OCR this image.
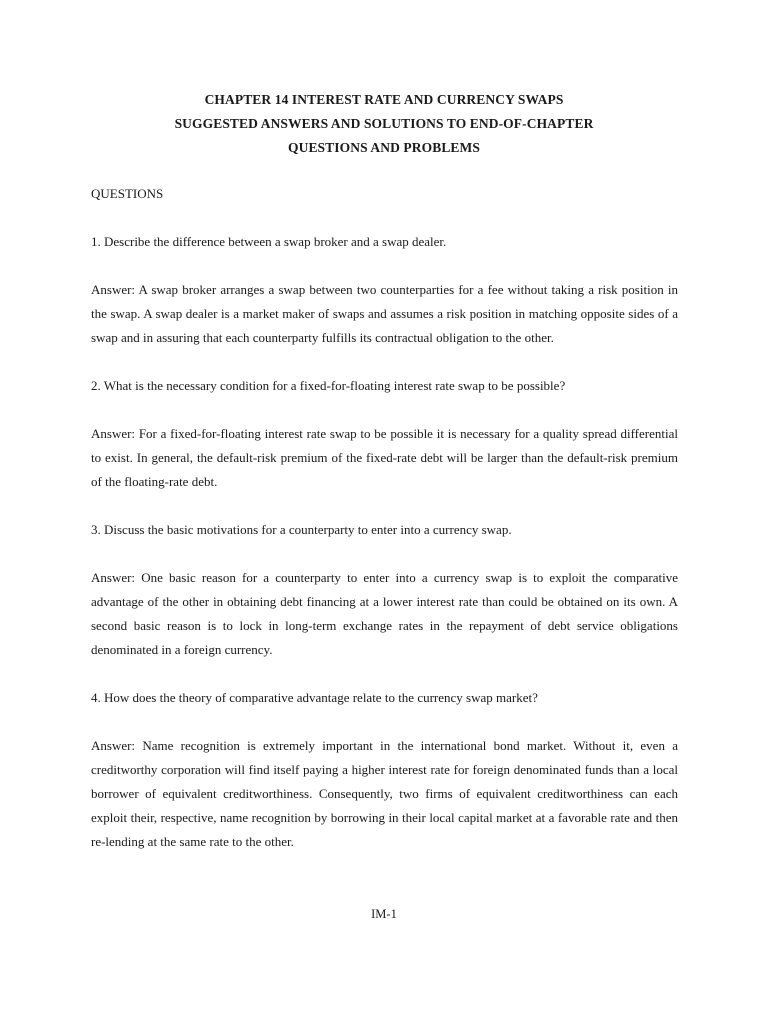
CHAPTER 14 INTEREST RATE AND CURRENCY SWAPS
SUGGESTED ANSWERS AND SOLUTIONS TO END-OF-CHAPTER
QUESTIONS AND PROBLEMS
QUESTIONS
1. Describe the difference between a swap broker and a swap dealer.
Answer: A swap broker arranges a swap between two counterparties for a fee without taking a risk position in the swap. A swap dealer is a market maker of swaps and assumes a risk position in matching opposite sides of a swap and in assuring that each counterparty fulfills its contractual obligation to the other.
2. What is the necessary condition for a fixed-for-floating interest rate swap to be possible?
Answer: For a fixed-for-floating interest rate swap to be possible it is necessary for a quality spread differential to exist. In general, the default-risk premium of the fixed-rate debt will be larger than the default-risk premium of the floating-rate debt.
3. Discuss the basic motivations for a counterparty to enter into a currency swap.
Answer: One basic reason for a counterparty to enter into a currency swap is to exploit the comparative advantage of the other in obtaining debt financing at a lower interest rate than could be obtained on its own. A second basic reason is to lock in long-term exchange rates in the repayment of debt service obligations denominated in a foreign currency.
4. How does the theory of comparative advantage relate to the currency swap market?
Answer: Name recognition is extremely important in the international bond market. Without it, even a creditworthy corporation will find itself paying a higher interest rate for foreign denominated funds than a local borrower of equivalent creditworthiness. Consequently, two firms of equivalent creditworthiness can each exploit their, respective, name recognition by borrowing in their local capital market at a favorable rate and then re-lending at the same rate to the other.
IM-1
